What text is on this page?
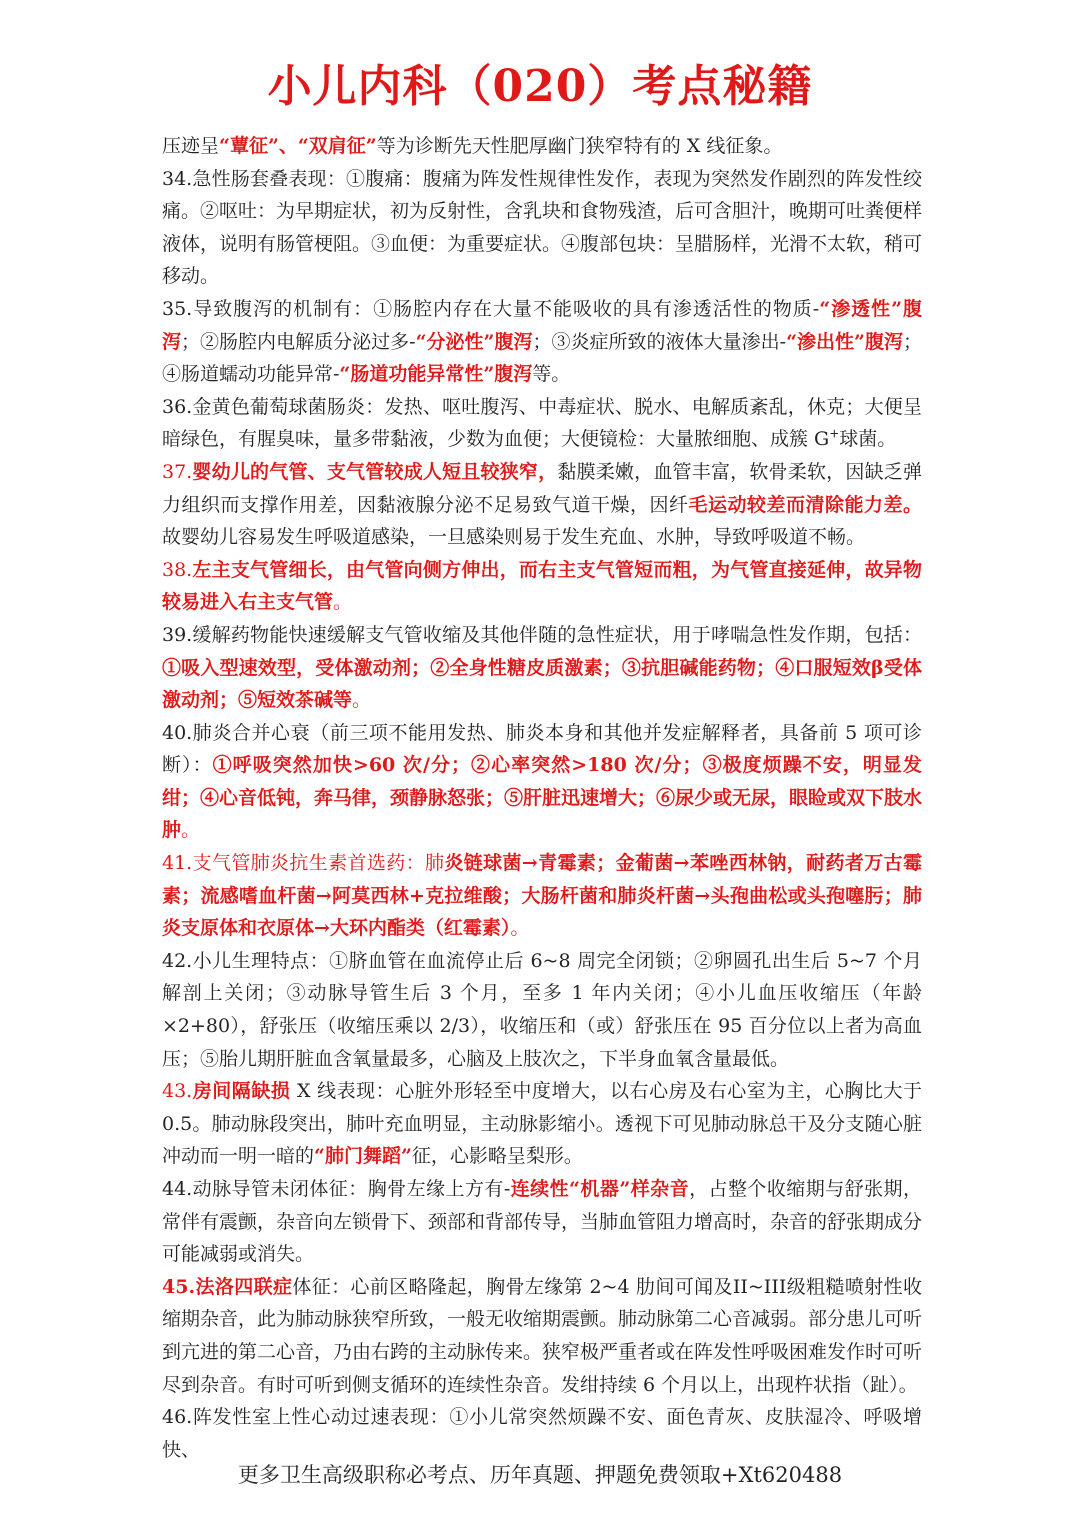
小儿内科（020）考点秘籍

压迹呈“蕈征”、“双肩征”等为诊断先天性肥厚幽门狭窄特有的 X 线征象。

34.急性肠套叠表现：①腹痛：腹痛为阵发性规律性发作，表现为突然发作剧烈的阵发性绞痛。②呕吐：为早期症状，初为反射性，含乳块和食物残渣，后可含胆汁，晚期可吐粪便样液体，说明有肠管梗阻。③血便：为重要症状。④腹部包块：呈腊肠样，光滑不太软，稍可移动。

35.导致腹泻的机制有：①肠腔内存在大量不能吸收的具有渗透活性的物质-“渗透性”腹泻；②肠腔内电解质分泌过多-“分泌性”腹泻；③炎症所致的液体大量渗出-“渗出性”腹泻；④肠道蠕动功能异常-“肠道功能异常性”腹泻等。

36.金黄色葡萄球菌肠炎：发热、呕吐腹泻、中毒症状、脱水、电解质紊乱，休克；大便呈暗绿色，有腥臭味，量多带黏液，少数为血便；大便镜检：大量脓细胞、成簇 G+球菌。

37.婴幼儿的气管、支气管较成人短且较狭窄，黏膜柔嫩，血管丰富，软骨柔软，因缺乏弹力组织而支撑作用差，因黏液腺分泌不足易致气道干燥，因纤毛运动较差而清除能力差。故婴幼儿容易发生呼吸道感染，一旦感染则易于发生充血、水肿，导致呼吸道不畅。

38.左主支气管细长，由气管向侧方伸出，而右主支气管短而粗，为气管直接延伸，故异物较易进入右主支气管。

39.缓解药物能快速缓解支气管收缩及其他伴随的急性症状，用于哮喘急性发作期，包括：①吸入型速效型，受体激动剂；②全身性糖皮质激素；③抗胆碱能药物；④口服短效β受体激动剂；⑤短效茶碱等。

40.肺炎合并心衰（前三项不能用发热、肺炎本身和其他并发症解释者，具备前 5 项可诊断）：①呼吸突然加快>60 次/分；②心率突然>180 次/分；③极度烦躁不安，明显发绀；④心音低钝，奔马律，颈静脉怒张；⑤肝脏迅速增大；⑥尿少或无尿，眼睑或双下肢水肿。

41.支气管肺炎抗生素首选药：肺炎链球菌→青霉素；金葡菌→苯唑西林钠，耐药者万古霉素；流感嗜血杆菌→阿莫西林+克拉维酸；大肠杆菌和肺炎杆菌→头孢曲松或头孢噻肟；肺炎支原体和衣原体→大环内酯类（红霉素）。

42.小儿生理特点：①脐血管在血流停止后 6~8 周完全闭锁；②卵圆孔出生后 5~7 个月解剖上关闭；③动脉导管生后 3 个月，至多 1 年内关闭；④小儿血压收缩压（年龄×2+80），舒张压（收缩压乘以 2/3），收缩压和（或）舒张压在 95 百分位以上者为高血压；⑤胎儿期肝脏血含氧量最多，心脑及上肢次之，下半身血氧含量最低。

43.房间隔缺损 X 线表现：心脏外形轻至中度增大，以右心房及右心室为主，心胸比大于 0.5。肺动脉段突出，肺叶充血明显，主动脉影缩小。透视下可见肺动脉总干及分支随心脏冲动而一明一暗的“肺门舞蹈”征，心影略呈梨形。

44.动脉导管未闭体征：胸骨左缘上方有-连续性“机器”样杂音，占整个收缩期与舒张期，常伴有震颤，杂音向左锁骨下、颈部和背部传导，当肺血管阻力增高时，杂音的舒张期成分可能减弱或消失。

45.法洛四联症体征：心前区略隆起，胸骨左缘第 2~4 肋间可闻及II~III级粗糙喷射性收缩期杂音，此为肺动脉狭窄所致，一般无收缩期震颤。肺动脉第二心音减弱。部分患儿可听到亢进的第二心音，乃由右跨的主动脉传来。狭窄极严重者或在阵发性呼吸困难发作时可听尽到杂音。有时可听到侧支循环的连续性杂音。发绀持续 6 个月以上，出现杵状指（趾）。

46.阵发性室上性心动过速表现：①小儿常突然烦躁不安、面色青灰、皮肤湿冷、呼吸增快、

更多卫生高级职称必考点、历年真题、押题免费领取+Xt620488
